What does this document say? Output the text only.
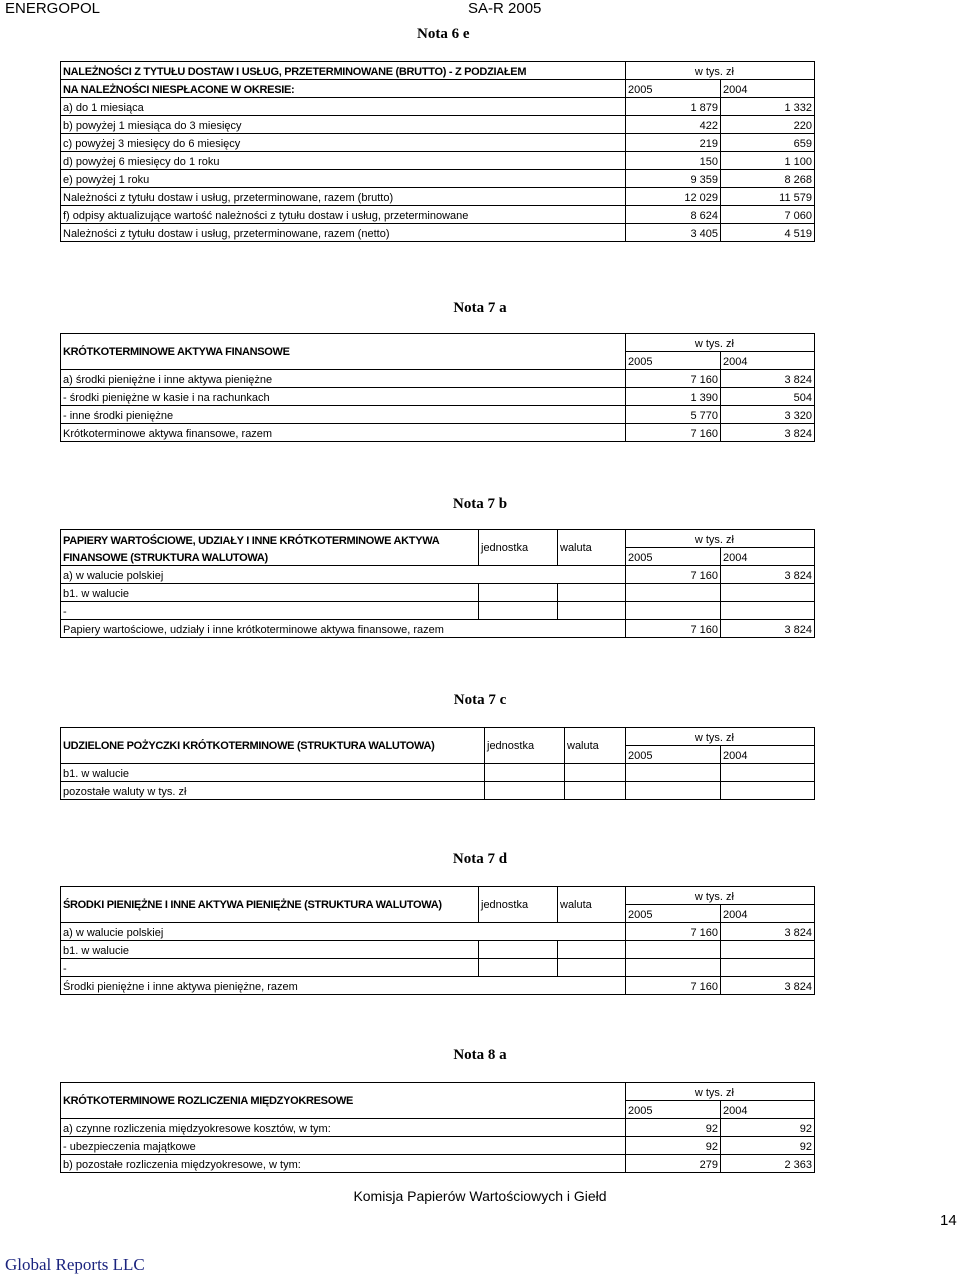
ENERGOPOL	SA-R 2005
Nota 6 e
NALEŻNOŚCI Z TYTUŁU DOSTAW I USŁUG, PRZETERMINOWANE (BRUTTO) - Z PODZIAŁEM	w tys. zł	
NA NALEŻNOŚCI NIESPŁACONE W OKRESIE:	2005	2004
a) do 1 miesiąca	1 879	1 332
b) powyżej 1 miesiąca do 3 miesięcy	422	220
c) powyżej 3 miesięcy do 6 miesięcy	219	659
d) powyżej 6 miesięcy do 1 roku	150	1 100
e) powyżej 1 roku	9 359	8 268
Należności z tytułu dostaw i usług, przeterminowane, razem (brutto)	12 029	11 579
f) odpisy aktualizujące wartość należności z tytułu dostaw i usług, przeterminowane	8 624	7 060
Należności z tytułu dostaw i usług, przeterminowane, razem (netto)	3 405	4 519
Nota 7 a
KRÓTKOTERMINOWE AKTYWA FINANSOWE	w tys. zł	
	2005	2004
a) środki pieniężne i inne aktywa pieniężne	7 160	3 824
- środki pieniężne w kasie i na rachunkach	1 390	504
- inne środki pieniężne	5 770	3 320
Krótkoterminowe aktywa finansowe, razem	7 160	3 824
Nota 7 b
PAPIERY WARTOŚCIOWE, UDZIAŁY I INNE KRÓTKOTERMINOWE AKTYWA	jednostka	waluta	w tys. zł	
FINANSOWE (STRUKTURA WALUTOWA)			2005	2004
a) w walucie polskiej			7 160	3 824
b1. w walucie				
-				
Papiery wartościowe, udziały i inne krótkoterminowe aktywa finansowe, razem			7 160	3 824
Nota 7 c
UDZIELONE POŻYCZKI KRÓTKOTERMINOWE (STRUKTURA WALUTOWA)	jednostka	waluta	w tys. zł	
			2005	2004
b1. w walucie				
pozostałe waluty w tys. zł				
Nota 7 d
ŚRODKI PIENIĘŻNE I INNE AKTYWA PIENIĘŻNE (STRUKTURA WALUTOWA)	jednostka	waluta	w tys. zł	
			2005	2004
a) w walucie polskiej			7 160	3 824
b1. w walucie				
-				
Środki pieniężne i inne aktywa pieniężne, razem			7 160	3 824
Nota 8 a
KRÓTKOTERMINOWE ROZLICZENIA MIĘDZYOKRESOWE	w tys. zł	
	2005	2004
a) czynne rozliczenia międzyokresowe kosztów, w tym:	92	92
- ubezpieczenia majątkowe	92	92
b) pozostałe rozliczenia międzyokresowe, w tym:	279	2 363
Komisja Papierów Wartościowych i Giełd
14
Global Reports LLC
